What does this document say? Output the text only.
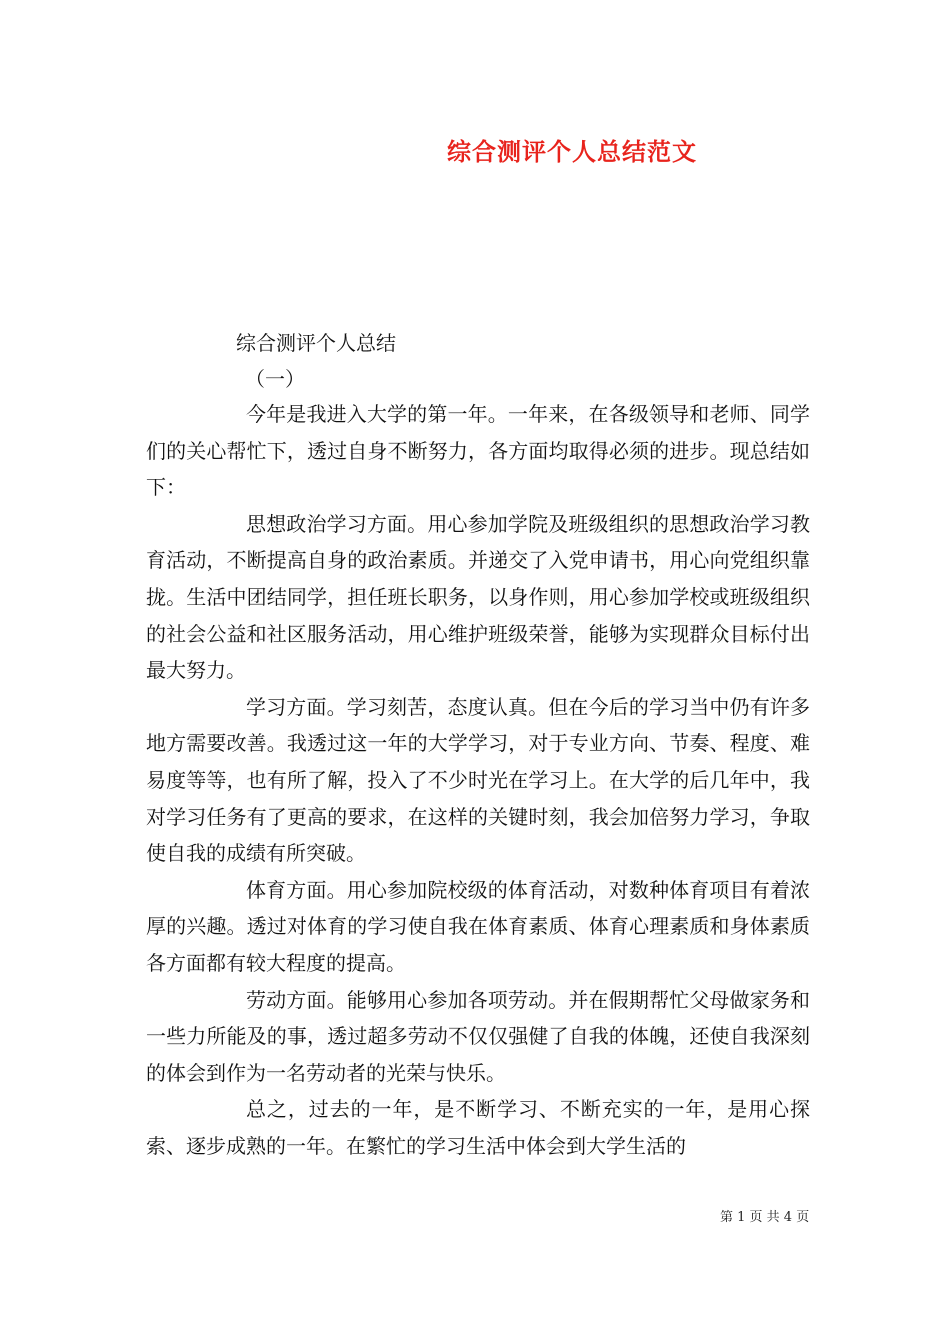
综合测评个人总结范文
综合测评个人总结
（一）

今年是我进入大学的第一年。一年来，在各级领导和老师、同学们的关心帮忙下，透过自身不断努力，各方面均取得必须的进步。现总结如下：

思想政治学习方面。用心参加学院及班级组织的思想政治学习教育活动，不断提高自身的政治素质。并递交了入党申请书，用心向党组织靠拢。生活中团结同学，担任班长职务，以身作则，用心参加学校或班级组织的社会公益和社区服务活动，用心维护班级荣誉，能够为实现群众目标付出最大努力。

学习方面。学习刻苦，态度认真。但在今后的学习当中仍有许多地方需要改善。我透过这一年的大学学习，对于专业方向、节奏、程度、难易度等等，也有所了解，投入了不少时光在学习上。在大学的后几年中，我对学习任务有了更高的要求，在这样的关键时刻，我会加倍努力学习，争取使自我的成绩有所突破。

体育方面。用心参加院校级的体育活动，对数种体育项目有着浓厚的兴趣。透过对体育的学习使自我在体育素质、体育心理素质和身体素质各方面都有较大程度的提高。

劳动方面。能够用心参加各项劳动。并在假期帮忙父母做家务和一些力所能及的事，透过超多劳动不仅仅强健了自我的体魄，还使自我深刻的体会到作为一名劳动者的光荣与快乐。

总之，过去的一年，是不断学习、不断充实的一年，是用心探索、逐步成熟的一年。在繁忙的学习生活中体会到大学生活的

第 1 页 共 4 页
